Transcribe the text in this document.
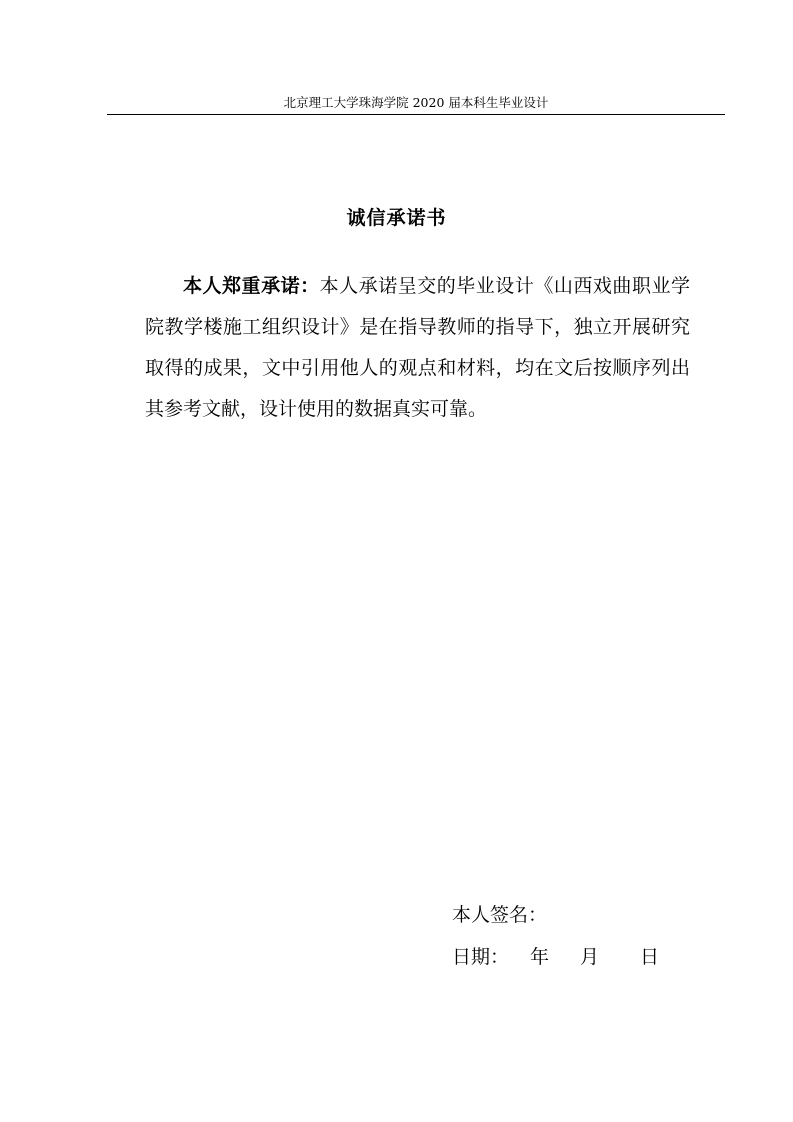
北京理工大学珠海学院 2020 届本科生毕业设计
诚信承诺书
本人郑重承诺：本人承诺呈交的毕业设计《山西戏曲职业学院教学楼施工组织设计》是在指导教师的指导下，独立开展研究取得的成果，文中引用他人的观点和材料，均在文后按顺序列出其参考文献，设计使用的数据真实可靠。
本人签名：
日期： 年 月 日
